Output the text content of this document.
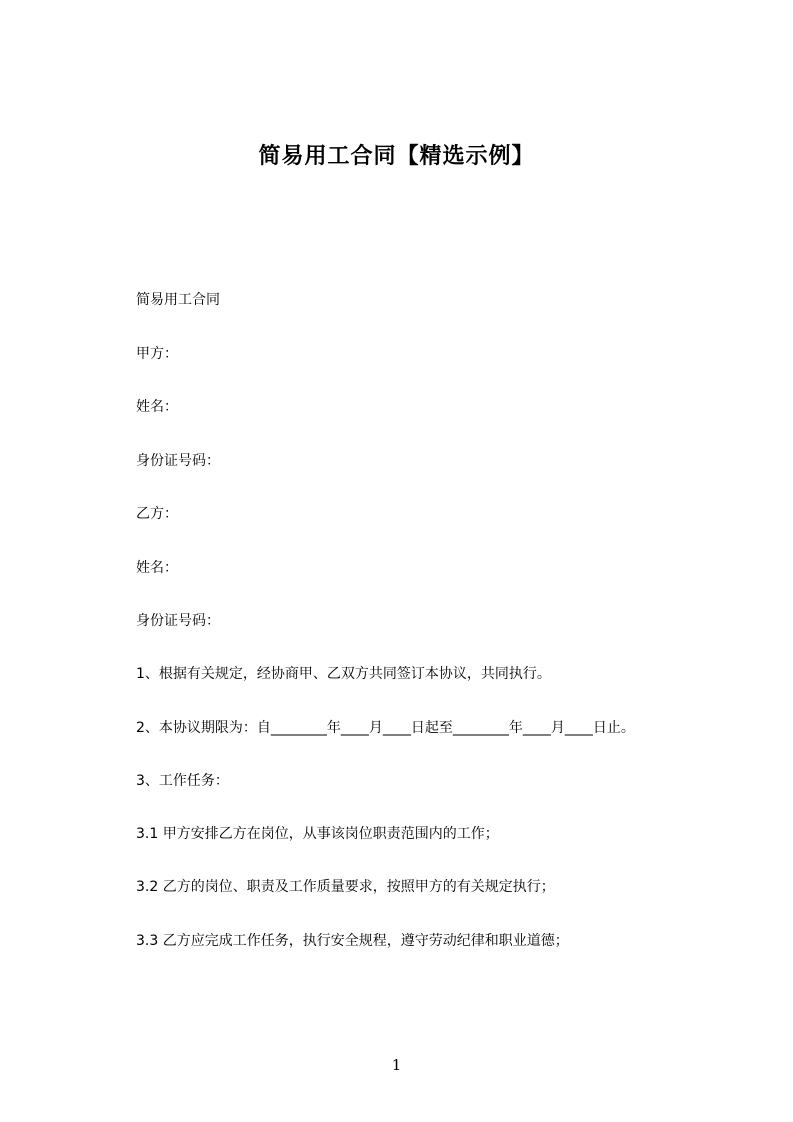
简易用工合同【精选示例】
简易用工合同
甲方：
姓名：
身份证号码：
乙方：
姓名：
身份证号码：
1、根据有关规定，经协商甲、乙双方共同签订本协议，共同执行。
2、本协议期限为：自________年____月____日起至________年____月____日止。
3、工作任务：
3.1 甲方安排乙方在岗位，从事该岗位职责范围内的工作；
3.2 乙方的岗位、职责及工作质量要求，按照甲方的有关规定执行；
3.3 乙方应完成工作任务，执行安全规程，遵守劳动纪律和职业道德；
1
